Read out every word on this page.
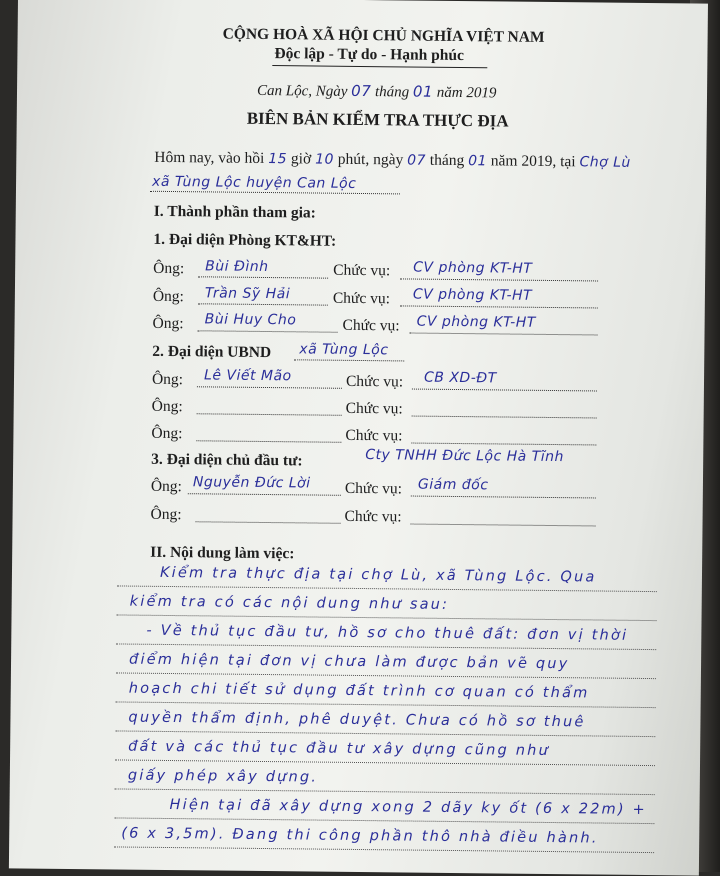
CỘNG HOÀ XÃ HỘI CHỦ NGHĨA VIỆT NAM
Độc lập - Tự do - Hạnh phúc
Can Lộc, Ngày 07 tháng 01 năm 2019
BIÊN BẢN KIỂM TRA THỰC ĐỊA
Hôm nay, vào hồi 15 giờ 10 phút, ngày 07 tháng 01 năm 2019, tại Chợ Lù
xã Tùng Lộc huyện Can Lộc
I. Thành phần tham gia:
1. Đại diện Phòng KT&HT:
Ông: Bùi Đình	Chức vụ: CV phòng KT-HT
Ông: Trần Sỹ Hải	Chức vụ: CV phòng KT-HT
Ông: Bùi Huy Cho	Chức vụ: CV phòng KT-HT
2. Đại diện UBND xã Tùng Lộc
Ông: Lê Viết Mão	Chức vụ: CB XD-ĐT
Ông:	Chức vụ:
Ông:	Chức vụ:
3. Đại diện chủ đầu tư:	Cty TNHH Đức Lộc Hà Tĩnh
Ông: Nguyễn Đức Lời Chức vụ: Giám đốc
Ông:	Chức vụ:
II. Nội dung làm việc:
Kiểm tra thực địa tại chợ Lù, xã Tùng Lộc. Qua
kiểm tra có các nội dung như sau:
- Về thủ tục đầu tư, hồ sơ cho thuê đất: đơn vị thời
điểm hiện tại đơn vị chưa làm được bản vẽ quy
hoạch chi tiết sử dụng đất trình cơ quan có thẩm
quyền thẩm định, phê duyệt. Chưa có hồ sơ thuê
đất và các thủ tục đầu tư xây dựng cũng như
giấy phép xây dựng.
Hiện tại đã xây dựng xong 2 dãy ky ốt (6 x 22m) +
(6 x 3,5m). Đang thi công phần thô nhà điều hành.
